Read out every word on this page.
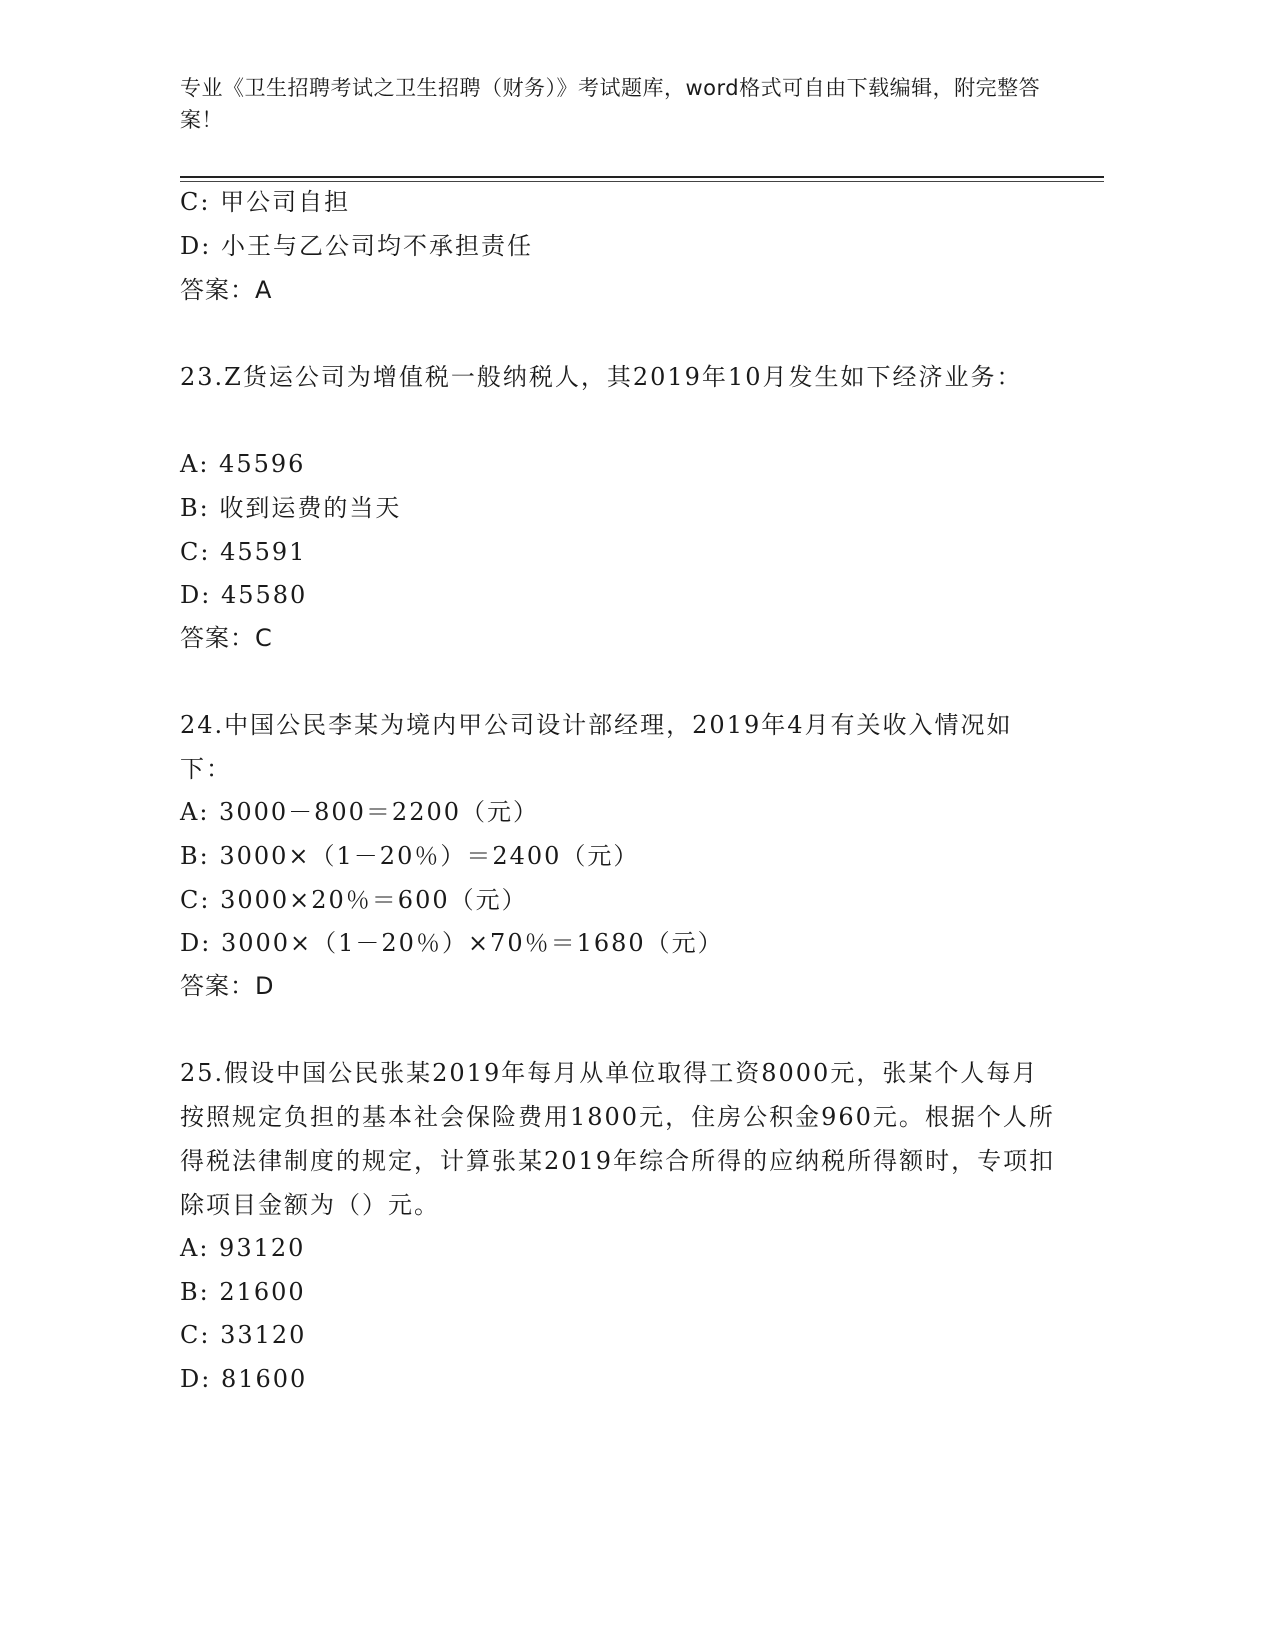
专业《卫生招聘考试之卫生招聘（财务）》考试题库，word格式可自由下载编辑，附完整答案！
C: 甲公司自担
D: 小王与乙公司均不承担责任
答案：A
23.Z货运公司为增值税一般纳税人，其2019年10月发生如下经济业务：
A: 45596
B: 收到运费的当天
C: 45591
D: 45580
答案：C
24.中国公民李某为境内甲公司设计部经理，2019年4月有关收入情况如下：
A: 3000－800＝2200（元）
B: 3000×（1－20％）＝2400（元）
C: 3000×20％＝600（元）
D: 3000×（1－20％）×70％＝1680（元）
答案：D
25.假设中国公民张某2019年每月从单位取得工资8000元，张某个人每月按照规定负担的基本社会保险费用1800元，住房公积金960元。根据个人所得税法律制度的规定，计算张某2019年综合所得的应纳税所得额时，专项扣除项目金额为（）元。
A: 93120
B: 21600
C: 33120
D: 81600
